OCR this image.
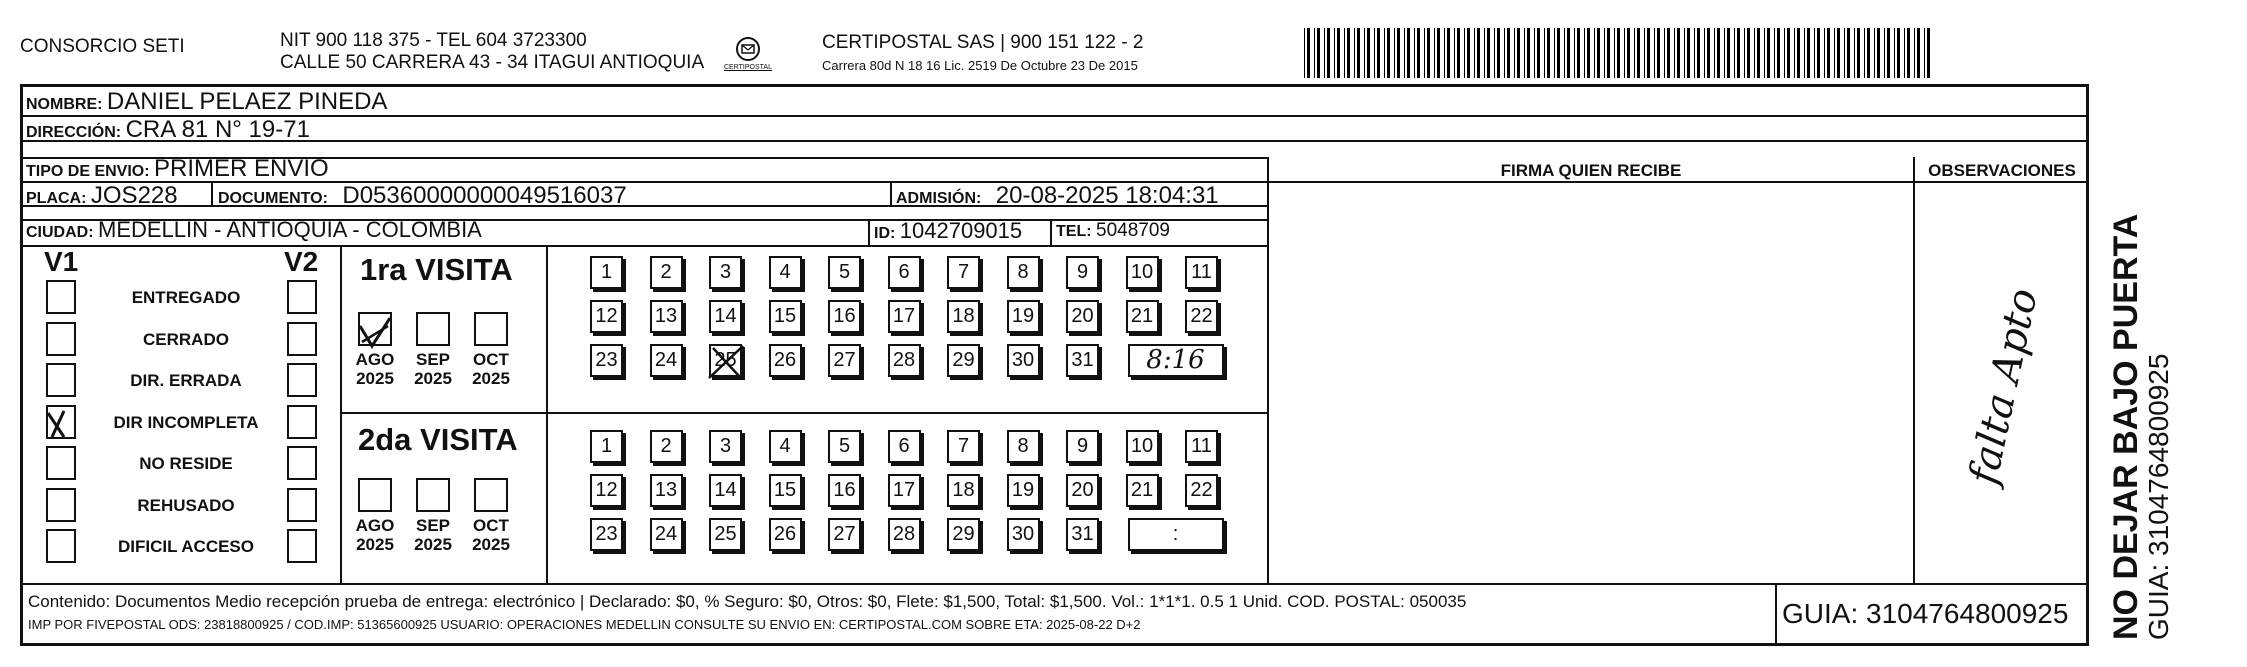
CONSORCIO SETI	NIT 900 118 375 - TEL 604 3723300
CALLE 50 CARRERA 43 - 34 ITAGUI ANTIOQUIA	CERTIPOSTAL
CERTIPOSTAL SAS | 900 151 122 - 2
Carrera 80d N 18 16 Lic. 2519 De Octubre 23 De 2015
NOMBRE: DANIEL PELAEZ PINEDA
DIRECCIÓN: CRA 81 N° 19-71
TIPO DE ENVIO: PRIMER ENVIO
PLACA: JOS228	DOCUMENTO: D05360000000049516037	ADMISIÓN: 20-08-2025 18:04:31
CIUDAD: MEDELLIN - ANTIOQUIA - COLOMBIA	ID: 1042709015 TEL: 5048709
FIRMA QUIEN RECIBE	OBSERVACIONES
falta Apto
V1	V2
ENTREGADO
CERRADO
DIR. ERRADA
DIR INCOMPLETA
NO RESIDE
REHUSADO
DIFICIL ACCESO
1ra VISITA
2da VISITA
AGO
2025
SEP
2025
OCT
2025
AGO
2025
SEP
2025
OCT
2025
1	2	3	4	5	6	7	8	9	10	11
12 13 14 15 16 17 18 19 20 21 22
23 24 25 26 27 28 29 30 31	8:16
1	2	3	4	5	6	7	8	9	10	11
12 13 14 15 16 17 18 19 20 21 22
23 24 25 26 27 28 29 30 31	:
Contenido: Documentos Medio recepción prueba de entrega: electrónico | Declarado: $0, % Seguro: $0, Otros: $0, Flete: $1,500, Total: $1,500. Vol.: 1*1*1. 0.5 1 Unid. COD. POSTAL: 050035
IMP POR FIVEPOSTAL ODS: 23818800925 / COD.IMP: 51365600925 USUARIO: OPERACIONES MEDELLIN CONSULTE SU ENVIO EN: CERTIPOSTAL.COM SOBRE ETA: 2025-08-22 D+2	GUIA: 3104764800925 NO DEJAR BAJO PUERTA
GUIA: 3104764800925
